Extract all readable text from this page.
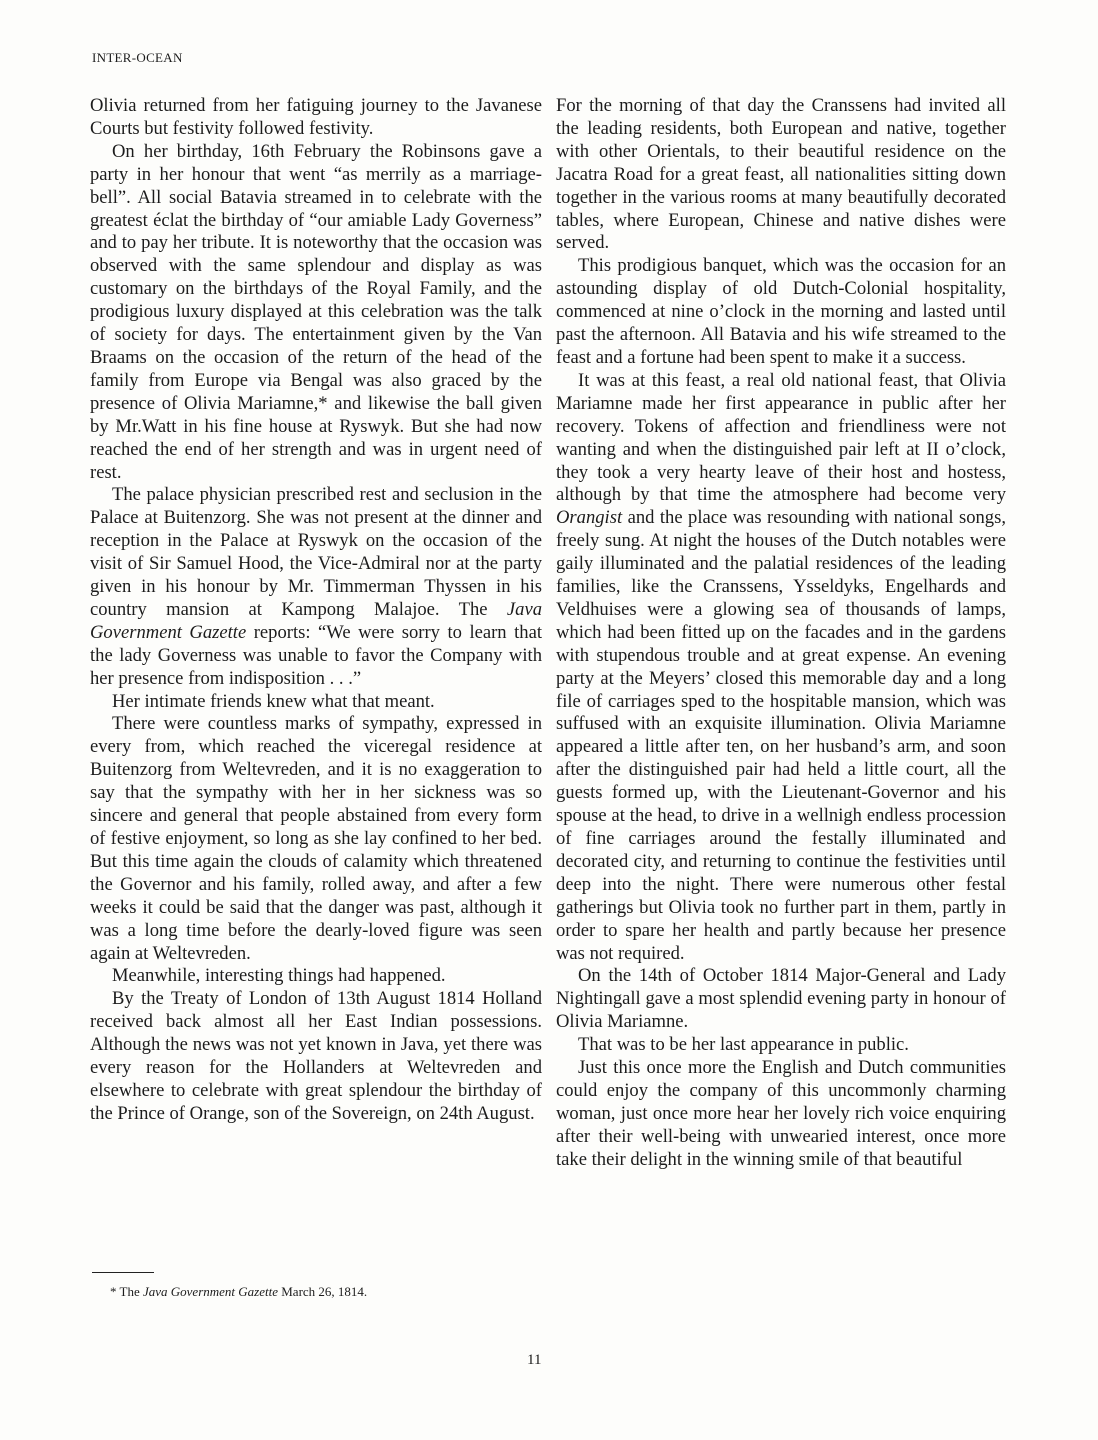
INTER-OCEAN

Olivia returned from her fatiguing journey to the Javanese Courts but festivity followed festivity.

On her birthday, 16th February the Robinsons gave a party in her honour that went “as merrily as a marriage-bell”. All social Batavia streamed in to celebrate with the greatest éclat the birthday of “our amiable Lady Governess” and to pay her tribute. It is noteworthy that the occasion was observed with the same splendour and display as was customary on the birthdays of the Royal Family, and the prodigious luxury displayed at this celebration was the talk of society for days. The entertainment given by the Van Braams on the occasion of the return of the head of the family from Europe via Bengal was also graced by the presence of Olivia Mariamne,* and likewise the ball given by Mr.Watt in his fine house at Ryswyk. But she had now reached the end of her strength and was in urgent need of rest.

The palace physician prescribed rest and seclusion in the Palace at Buitenzorg. She was not present at the dinner and reception in the Palace at Ryswyk on the occasion of the visit of Sir Samuel Hood, the Vice-Admiral nor at the party given in his honour by Mr. Timmerman Thyssen in his country mansion at Kampong Malajoe. The Java Government Gazette reports: “We were sorry to learn that the lady Governess was unable to favor the Company with her presence from indisposition . . .”

Her intimate friends knew what that meant.

There were countless marks of sympathy, expressed in every from, which reached the viceregal residence at Buitenzorg from Weltevreden, and it is no exaggeration to say that the sympathy with her in her sickness was so sincere and general that people abstained from every form of festive enjoyment, so long as she lay confined to her bed. But this time again the clouds of calamity which threatened the Governor and his family, rolled away, and after a few weeks it could be said that the danger was past, although it was a long time before the dearly-loved figure was seen again at Weltevreden.

Meanwhile, interesting things had happened.

By the Treaty of London of 13th August 1814 Holland received back almost all her East Indian possessions. Although the news was not yet known in Java, yet there was every reason for the Hollanders at Weltevreden and elsewhere to celebrate with great splendour the birthday of the Prince of Orange, son of the Sovereign, on 24th August.

For the morning of that day the Cranssens had invited all the leading residents, both European and native, together with other Orientals, to their beautiful residence on the Jacatra Road for a great feast, all nationalities sitting down together in the various rooms at many beautifully decorated tables, where European, Chinese and native dishes were served.

This prodigious banquet, which was the occasion for an astounding display of old Dutch-Colonial hospitality, commenced at nine o’clock in the morning and lasted until past the afternoon. All Batavia and his wife streamed to the feast and a fortune had been spent to make it a success.

It was at this feast, a real old national feast, that Olivia Mariamne made her first appearance in public after her recovery. Tokens of affection and friendliness were not wanting and when the distinguished pair left at II o’clock, they took a very hearty leave of their host and hostess, although by that time the atmosphere had become very Orangist and the place was resounding with national songs, freely sung. At night the houses of the Dutch notables were gaily illuminated and the palatial residences of the leading families, like the Cranssens, Ysseldyks, Engelhards and Veldhuises were a glowing sea of thousands of lamps, which had been fitted up on the facades and in the gardens with stupendous trouble and at great expense. An evening party at the Meyers’ closed this memorable day and a long file of carriages sped to the hospitable mansion, which was suffused with an exquisite illumination. Olivia Mariamne appeared a little after ten, on her husband’s arm, and soon after the distinguished pair had held a little court, all the guests formed up, with the Lieutenant-Governor and his spouse at the head, to drive in a wellnigh endless procession of fine carriages around the festally illuminated and decorated city, and returning to continue the festivities until deep into the night. There were numerous other festal gatherings but Olivia took no further part in them, partly in order to spare her health and partly because her presence was not required.

On the 14th of October 1814 Major-General and Lady Nightingall gave a most splendid evening party in honour of Olivia Mariamne.

That was to be her last appearance in public.

Just this once more the English and Dutch communities could enjoy the company of this uncommonly charming woman, just once more hear her lovely rich voice enquiring after their well-being with unwearied interest, once more take their delight in the winning smile of that beautiful

* The Java Government Gazette March 26, 1814.
11
